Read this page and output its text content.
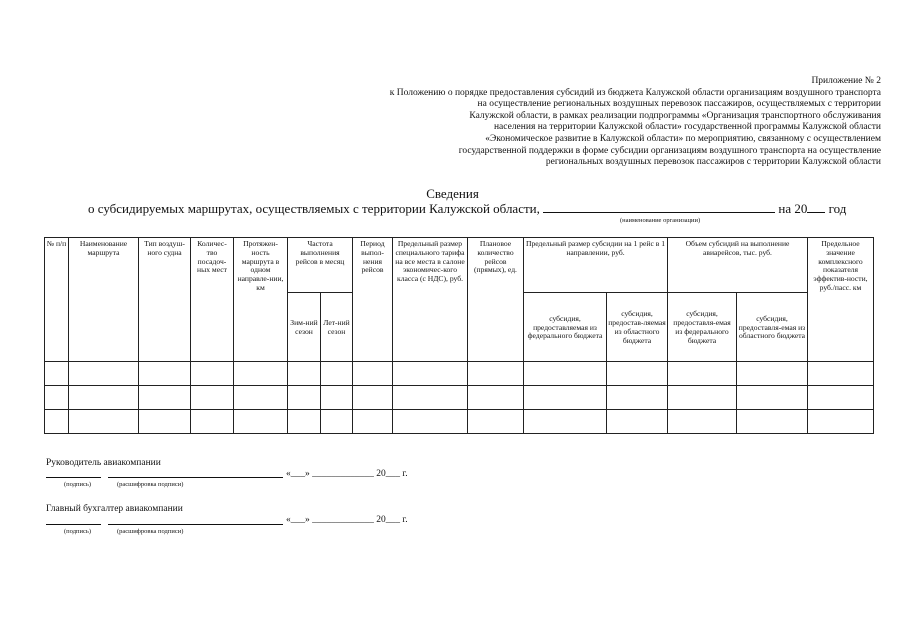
Приложение № 2
к Положению о порядке предоставления субсидий из бюджета Калужской области организациям воздушного транспорта
на осуществление региональных воздушных перевозок пассажиров, осуществляемых с территории
Калужской области, в рамках реализации подпрограммы «Организация транспортного обслуживания
населения на территории Калужской области» государственной программы Калужской области
«Экономическое развитие в Калужской области» по мероприятию, связанному с осуществлением
государственной поддержки в форме субсидии организациям воздушного транспорта на осуществление
региональных воздушных перевозок пассажиров с территории Калужской области
Сведения
о субсидируемых маршрутах, осуществляемых с территории Калужской области,	на 20 год
(наименование организации)
№ п/п	Наименование маршрута	Тип воздуш-ного судна	Количес-тво посадоч-ных мест	Протяжен-ность маршрута в одном направле-нии, км	Частота выполнения рейсов в месяц		Период выпол-нения рейсов	Предельный размер специального тарифа на все места в салоне экономичес-кого класса (с НДС), руб.	Плановое количество рейсов (прямых), ед.	Предельный размер субсидии на 1 рейс в 1 направлении, руб.		Объем субсидий на выполнение авиарейсов, тыс. руб.		Предельное значение комплексного показателя эффектив-ности, руб./пасс. км
					Зим-ний сезон	Лет-ний сезон				субсидия, предоставляемая из федерального бюджета	субсидия, предостав-ляемая из областного бюджета	субсидия, предоставля-емая из федерального бюджета	субсидия, предоставля-емая из областного бюджета	

Руководитель авиакомпании
«___» _____________ 20___ г.
(подпись)	(расшифровка подписи)
Главный бухгалтер авиакомпании
«___» _____________ 20___ г.
(подпись)	(расшифровка подписи)
